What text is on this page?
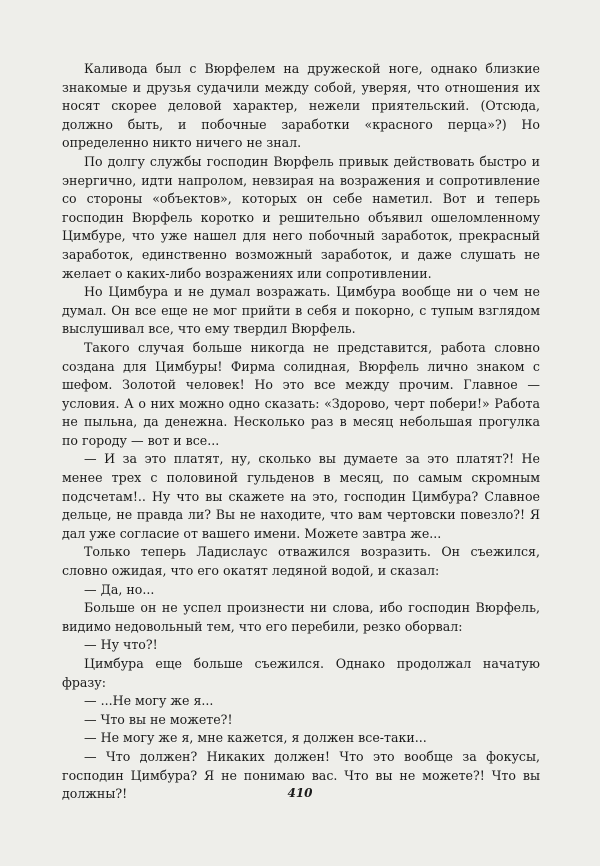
Каливода был с Вюрфелем на дружеской ноге, однако близкие знакомые и друзья судачили между собой, уверяя, что отношения их носят скорее деловой характер, нежели приятельский. (Отсюда, должно быть, и побочные заработки «красного перца»?) Но определенно никто ничего не знал.

По долгу службы господин Вюрфель привык действовать быстро и энергично, идти напролом, невзирая на возражения и сопротивление со стороны «объектов», которых он себе наметил. Вот и теперь господин Вюрфель коротко и решительно объявил ошеломленному Цимбуре, что уже нашел для него побочный заработок, прекрасный заработок, единственно возможный заработок, и даже слушать не желает о каких-либо возражениях или сопротивлении.

Но Цимбура и не думал возражать. Цимбура вообще ни о чем не думал. Он все еще не мог прийти в себя и покорно, с тупым взглядом выслушивал все, что ему твердил Вюрфель.

Такого случая больше никогда не представится, работа словно создана для Цимбуры! Фирма солидная, Вюрфель лично знаком с шефом. Золотой человек! Но это все между прочим. Главное — условия. А о них можно одно сказать: «Здорово, черт побери!» Работа не пыльна, да денежна. Несколько раз в месяц небольшая прогулка по городу — вот и все...

— И за это платят, ну, сколько вы думаете за это платят?! Не менее трех с половиной гульденов в месяц, по самым скромным подсчетам!.. Ну что вы скажете на это, господин Цимбура? Славное дельце, не правда ли? Вы не находите, что вам чертовски повезло?! Я дал уже согласие от вашего имени. Можете завтра же...

Только теперь Ладислаус отважился возразить. Он съежился, словно ожидая, что его окатят ледяной водой, и сказал:

— Да, но...

Больше он не успел произнести ни слова, ибо господин Вюрфель, видимо недовольный тем, что его перебили, резко оборвал:

— Ну что?!

Цимбура еще больше съежился. Однако продолжал начатую фразу:

— ...Не могу же я...

— Что вы не можете?!

— Не могу же я, мне кажется, я должен все-таки...

— Что должен? Никаких должен! Что это вообще за фокусы, господин Цимбура? Я не понимаю вас. Что вы не можете?! Что вы должны?!	410
